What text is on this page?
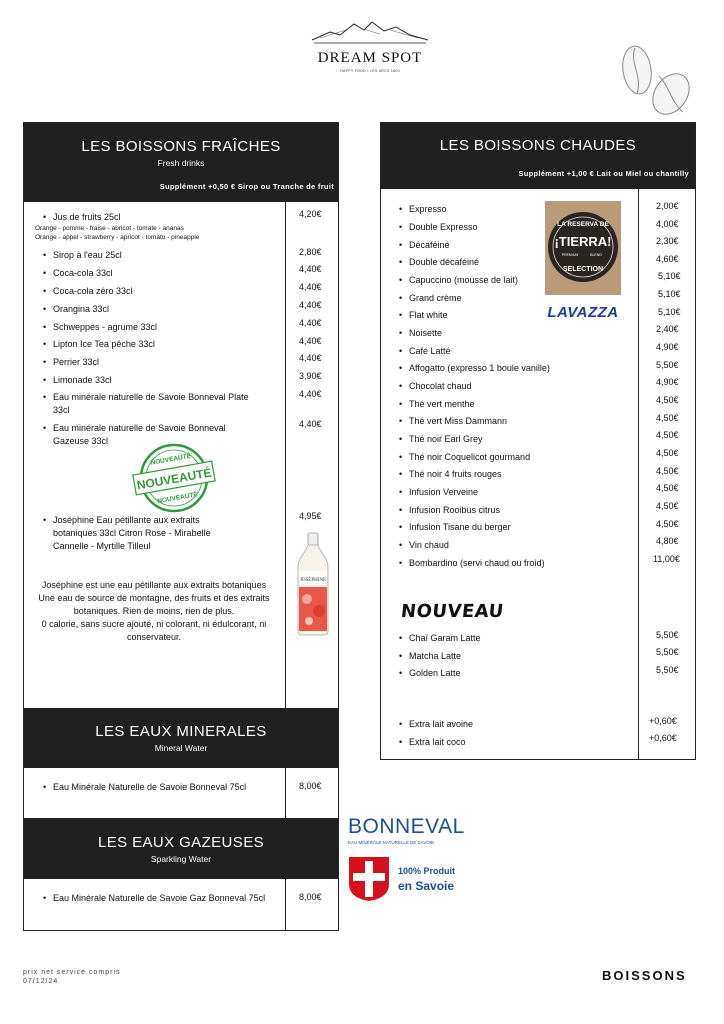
DREAM SPOT
HAPPY FOOD • LES ARCS 1800
LES BOISSONS FRAÎCHES
Fresh drinks
Supplément +0,50 € Sirop ou Tranche de fruit
• Jus de fruits 25cl
Orange - pomme - fraise - abricot - tomate - ananas
Orange - appel - strawberry - apricot - tomato - pineapple
4,20€
• Sirop à l'eau 25cl	2,80€
• Coca-cola 33cl	4,40€
• Coca-cola zéro 33cl	4,40€
• Orangina 33cl	4,40€
• Schweppes - agrume 33cl	4,40€
• Lipton Ice Tea pêche 33cl	4,40€
• Perrier 33cl	4,40€
• Limonade 33cl	3,90€
• Eau minérale naturelle de Savoie Bonneval Plate 33cl
4,40€
• Eau minérale naturelle de Savoie Bonneval Gazeuse 33cl
4,40€
NOUVEAUTÉ
NOUVEAUTÉ
NOUVEAUTÉ
• Joséphine Eau pétillante aux extraits botaniques 33cl Citron Rose - Mirabelle Cannelle - Myrtille Tilleul
4,95€
JOSÉPHINE
Joséphine est une eau pétillante aux extraits botaniques
Une eau de source de montagne, des fruits et des extraits botaniques. Rien de moins, rien de plus.
0 calorie, sans sucre ajouté, ni colorant, ni édulcorant, ni conservateur.
LES EAUX MINERALES
Mineral Water
• Eau Minérale Naturelle de Savoie Bonneval 75cl	8,00€
LES EAUX GAZEUSES
Sparkling Water
• Eau Minérale Naturelle de Savoie Gaz Bonneval 75cl	8,00€
LES BOISSONS CHAUDES
Supplément +1,00 € Lait ou Miel ou chantilly
• Expresso	2,00€
• Double Expresso	4,00€
• Décaféiné	2,30€
• Double décaféiné	4,60€
• Capuccino (mousse de lait)	5,10€
• Grand crème	5,10€
• Flat white	5,10€
• Noisette	2,40€
• Café Latté	4,90€
• Affogatto (expresso 1 boule vanille)	5,50€
• Chocolat chaud	4,90€
• Thé vert menthe	4,50€
• Thé vert Miss Dammann	4,50€
• Thé noir Earl Grey	4,50€
• Thé noir Coquelicot gourmand	4,50€
• Thé noir 4 fruits rouges	4,50€
• Infusion Verveine	4,50€
• Infusion Rooibus citrus	4,50€
• Infusion Tisane du berger	4,50€
• Vin chaud	4,80€
• Bombardino (servi chaud ou froid)	11,00€
LA RESERVA DE
¡TIERRA!
PREMIUM	BLEND
SELECTION
LAVAZZA
NOUVEAU
• Chaï Garam Latte	5,50€
• Matcha Latte	5,50€
• Golden Latte	5,50€
• Extra lait avoine	+0,60€
• Extra lait coco	+0,60€
BONNEVAL
EAU MINÉRALE NATURELLE DE SAVOIE
100% Produit
en Savoie
prix net service compris
07/12/24	BOISSONS
